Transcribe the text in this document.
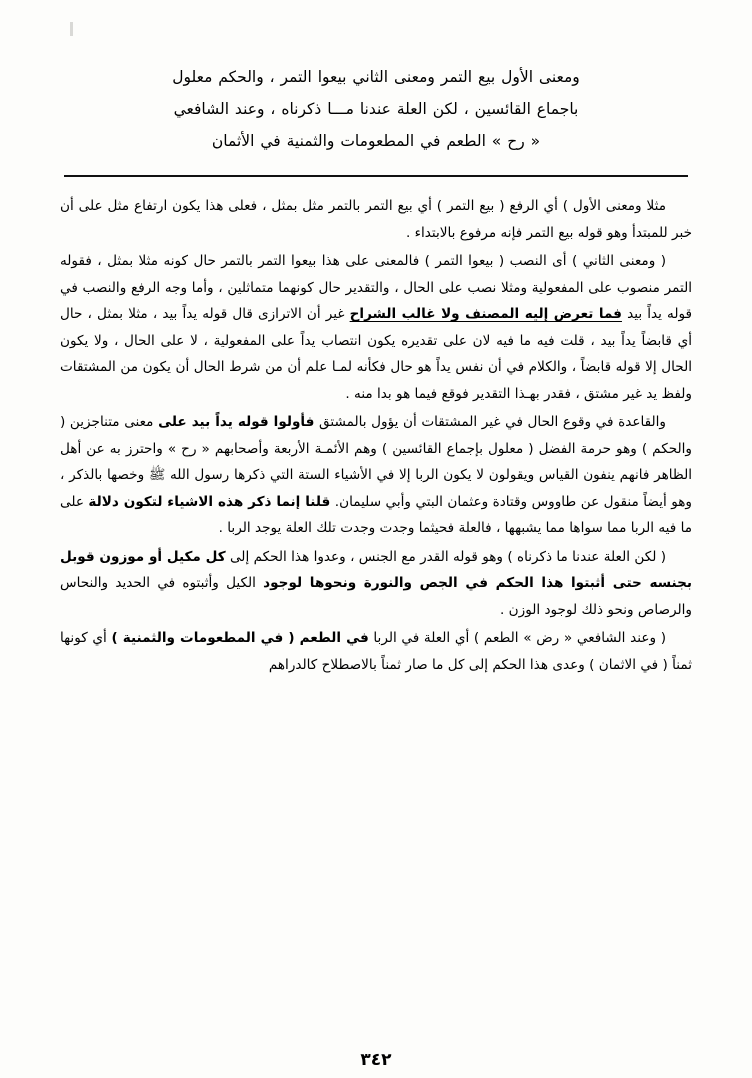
ومعنى الأول بيع التمر ومعنى الثاني بيعوا التمر ، والحكم معلول
باجماع القائسين ، لكن العلة عندنا مـــا ذكرناه ، وعند الشافعي
« رح » الطعم في المطعومات والثمنية في الأثمان

مثلا ومعنى الأول ) أي الرفع ( بيع التمر ) أي بيع التمر بالتمر مثل بمثل ، فعلى هذا يكون ارتفاع مثل على أن خبر للمبتدأ وهو قوله بيع التمر فإنه مرفوع بالابتداء .

( ومعنى الثاني ) أى النصب ( بيعوا التمر ) فالمعنى على هذا بيعوا التمر بالتمر حال كونه مثلا بمثل ، فقوله التمر منصوب على المفعولية ومثلا نصب على الحال ، والتقدير حال كونهما متماثلين ، وأما وجه الرفع والنصب في قوله يداً بيد فما تعرض إليه المصنف ولا غالب الشراح غير أن الاترازى قال قوله يداً بيد ، مثلا بمثل ، حال أي قابضاً يداً بيد ، قلت فيه ما فيه لان على تقديره يكون انتصاب يداً على المفعولية ، لا على الحال ، ولا يكون الحال إلا قوله قابضاً ، والكلام في أن نفس يداً هو حال فكأنه لمـا علم أن من شرط الحال أن يكون من المشتقات ولفظ يد غير مشتق ، فقدر بهـذا التقدير فوقع فيما هو بدا منه .

والقاعدة في وقوع الحال في غير المشتقات أن يؤول بالمشتق فأولوا قوله يداً بيد على معنى متناجزين ( والحكم ) وهو حرمة الفضل ( معلول بإجماع القائسين ) وهم الأئمـة الأربعة وأصحابهم « رح » واحترز به عن أهل الظاهر فانهم ينفون القياس ويقولون لا يكون الربا إلا في الأشياء الستة التي ذكرها رسول الله ﷺ وخصها بالذكر ، وهو أيضاً منقول عن طاووس وقتادة وعثمان البتي وأبي سليمان. قلنا إنما ذكر هذه الاشياء لتكون دلالة على ما فيه الربا مما سواها مما يشبهها ، فالعلة فحيثما وجدت وجدت تلك العلة يوجد الربا .

( لكن العلة عندنا ما ذكرناه ) وهو قوله القدر مع الجنس ، وعدوا هذا الحكم إلى كل مكيل أو موزون قوبل بجنسه حتى أثبتوا هذا الحكم في الجص والنورة ونحوها لوجود الكيل وأثبتوه في الحديد والنحاس والرصاص ونحو ذلك لوجود الوزن .

( وعند الشافعي « رض » الطعم ) أي العلة في الربا في الطعم ( في المطعومات والثمنية ) أي كونها ثمناً ( في الاثمان ) وعدى هذا الحكم إلى كل ما صار ثمناً بالاصطلاح كالدراهم

٣٤٢
